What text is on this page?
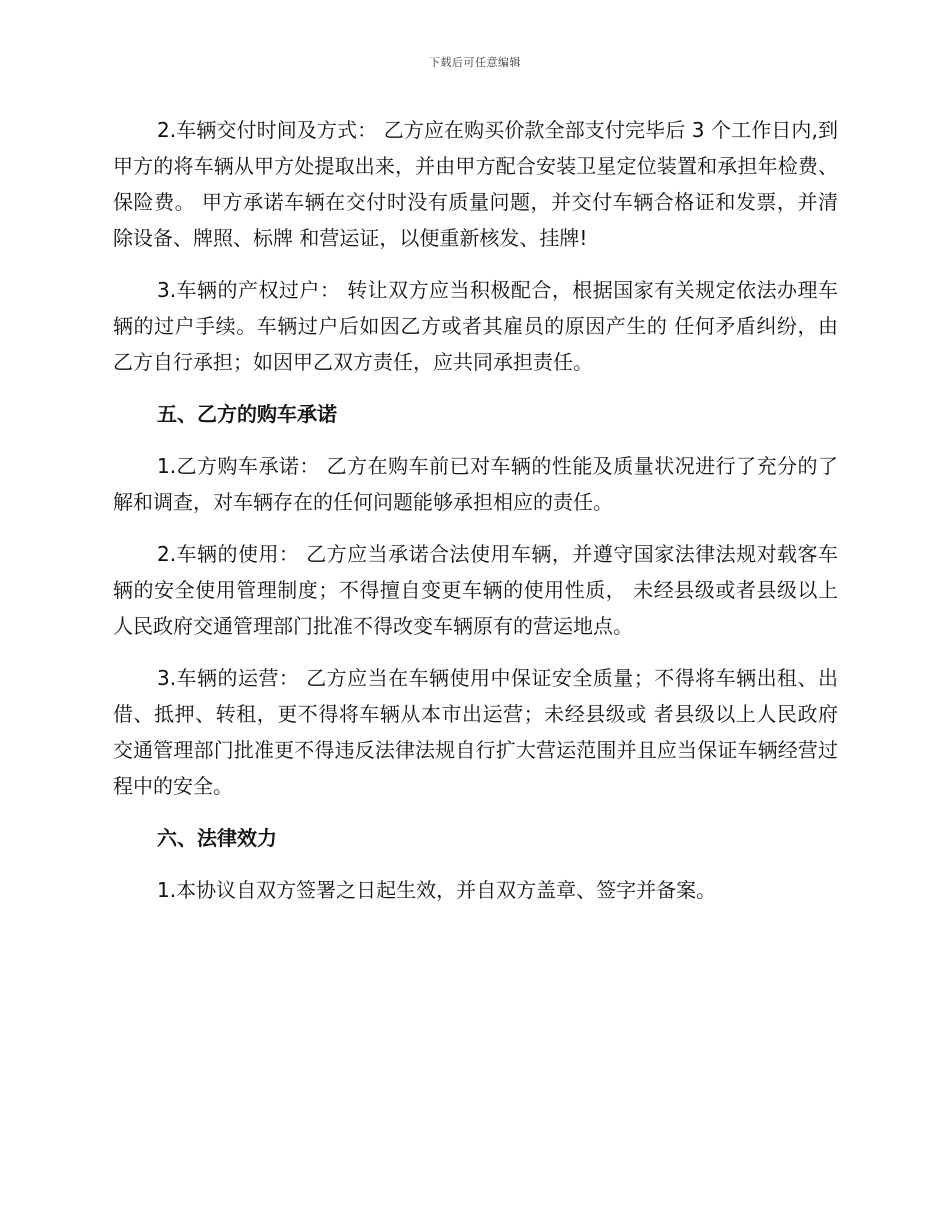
下载后可任意编辑

2.车辆交付时间及方式： 乙方应在购买价款全部支付完毕后 3 个工作日内,到甲方的将车辆从甲方处提取出来，并由甲方配合安装卫星定位装置和承担年检费、保险费。 甲方承诺车辆在交付时没有质量问题，并交付车辆合格证和发票，并清除设备、牌照、标牌 和营运证，以便重新核发、挂牌!

3.车辆的产权过户： 转让双方应当积极配合，根据国家有关规定依法办理车辆的过户手续。车辆过户后如因乙方或者其雇员的原因产生的 任何矛盾纠纷，由乙方自行承担；如因甲乙双方责任，应共同承担责任。

五、乙方的购车承诺

1.乙方购车承诺： 乙方在购车前已对车辆的性能及质量状况进行了充分的了解和调查，对车辆存在的任何问题能够承担相应的责任。

2.车辆的使用： 乙方应当承诺合法使用车辆，并遵守国家法律法规对载客车辆的安全使用管理制度；不得擅自变更车辆的使用性质， 未经县级或者县级以上人民政府交通管理部门批准不得改变车辆原有的营运地点。

3.车辆的运营： 乙方应当在车辆使用中保证安全质量；不得将车辆出租、出借、抵押、转租，更不得将车辆从本市出运营；未经县级或 者县级以上人民政府交通管理部门批准更不得违反法律法规自行扩大营运范围并且应当保证车辆经营过程中的安全。

六、法律效力

1.本协议自双方签署之日起生效，并自双方盖章、签字并备案。
